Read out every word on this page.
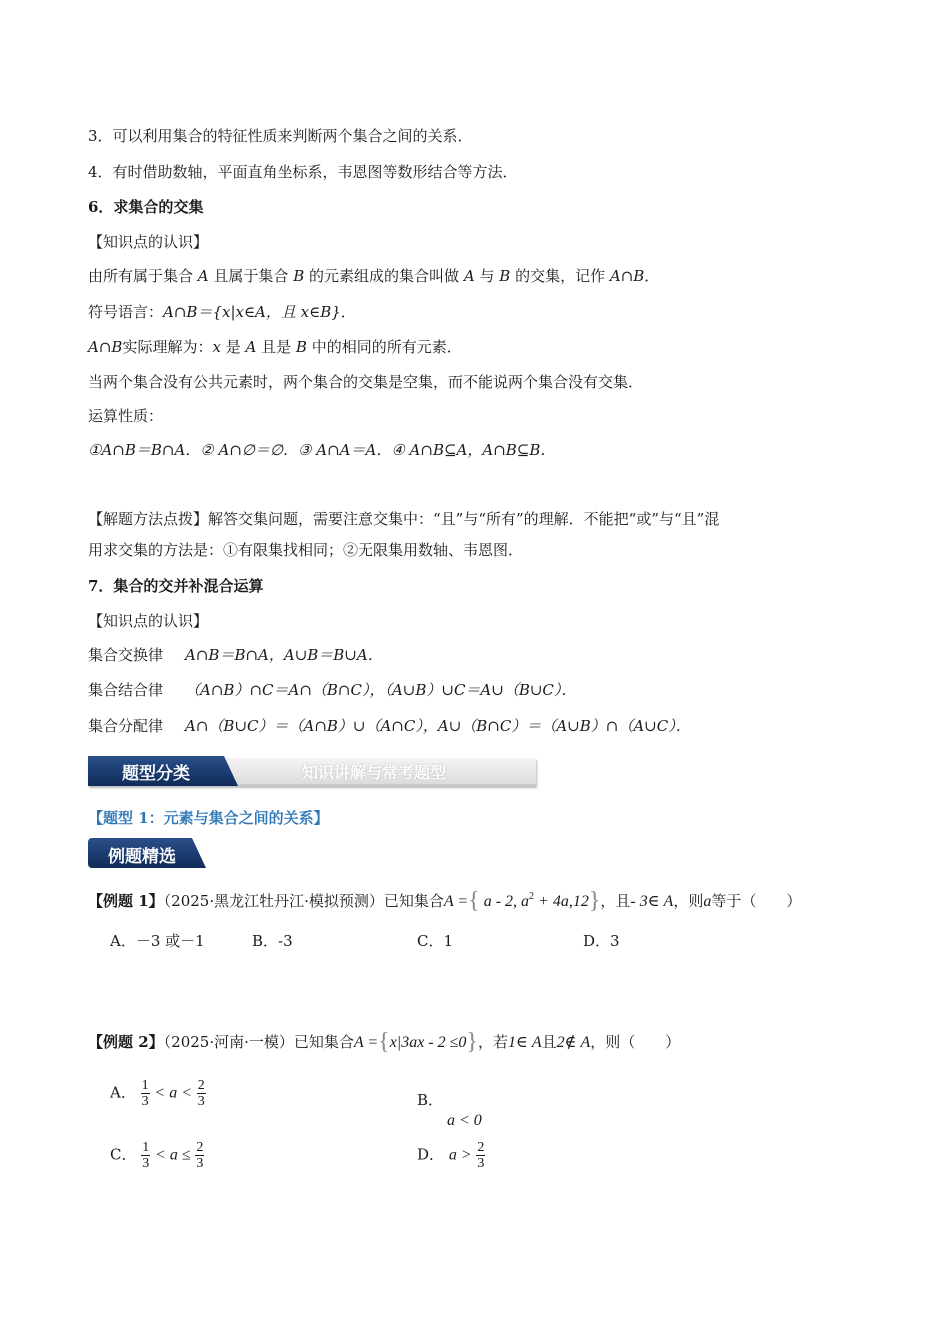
3．可以利用集合的特征性质来判断两个集合之间的关系．
4．有时借助数轴，平面直角坐标系，韦恩图等数形结合等方法．
6．求集合的交集
【知识点的认识】
由所有属于集合 A 且属于集合 B 的元素组成的集合叫做 A 与 B 的交集，记作 A∩B．
符号语言：A∩B＝{x|x∈A，且 x∈B}．
A∩B实际理解为：x 是 A 且是 B 中的相同的所有元素．
当两个集合没有公共元素时，两个集合的交集是空集，而不能说两个集合没有交集．
运算性质：
①A∩B＝B∩A．② A∩∅＝∅．③ A∩A＝A．④ A∩B⊆A，A∩B⊆B．
【解题方法点拨】解答交集问题，需要注意交集中：“且”与“所有”的理解．不能把“或”与“且”混
用求交集的方法是：①有限集找相同；②无限集用数轴、韦恩图．
7．集合的交并补混合运算
【知识点的认识】
集合交换律 A∩B＝B∩A，A∪B＝B∪A．
集合结合律 （A∩B）∩C＝A∩（B∩C），（A∪B）∪C＝A∪（B∪C）．
集合分配律 A∩（B∪C）＝（A∩B）∪（A∩C），A∪（B∩C）＝（A∪B）∩（A∪C）．
题型分类	知识讲解与常考题型
【题型 1：元素与集合之间的关系】
例题精选
【例题 1】（2025·黑龙江牡丹江·模拟预测）已知集合A ={ a - 2, $a^2 + 4a,12$}，且- 3∈ A，则a等于（　　）
A．－3 或－1	B．-3	C．1	D．3
【例题 2】（2025·河南·一模）已知集合A ={x|3ax - 2 ≤0}，若1∈ A且2∉ A，则（　　）
A． $\frac{1}{3} < a < \frac{2}{3}$	B．
a < 0
C． $\frac{1}{3} < a \le \frac{2}{3}$	D． $a > \frac{2}{3}$
